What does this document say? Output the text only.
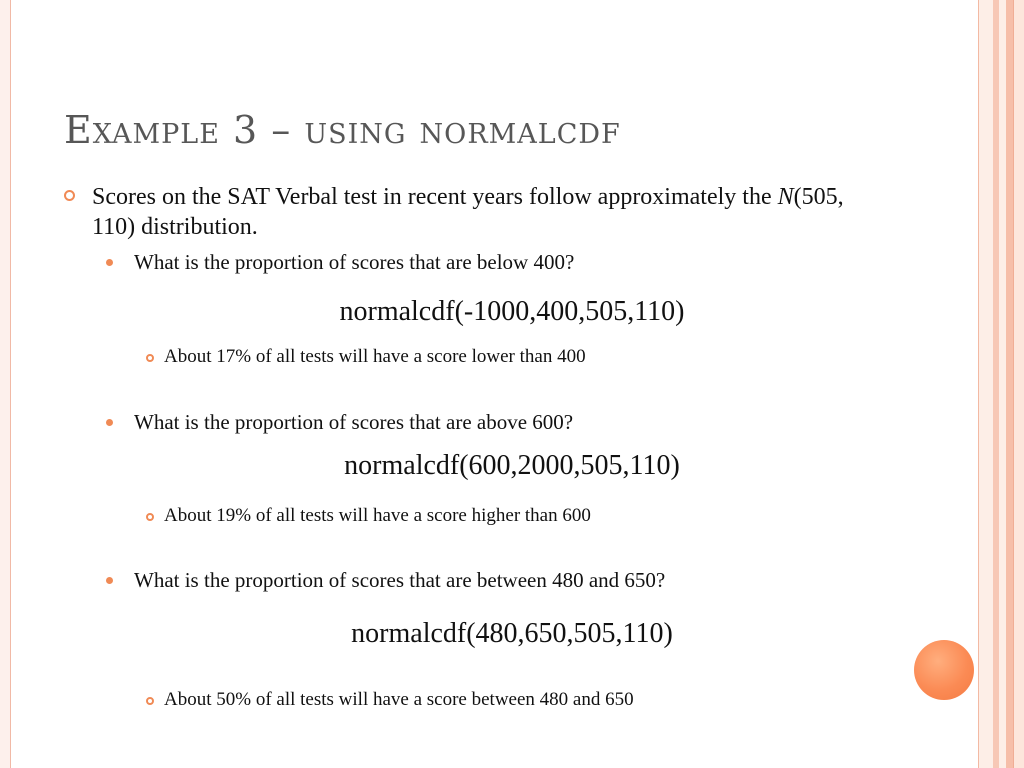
Example 3 – using normalcdf
Scores on the SAT Verbal test in recent years follow approximately the N(505, 110) distribution.
What is the proportion of scores that are below 400?
normalcdf(-1000,400,505,110)
About 17% of all tests will have a score lower than 400
What is the proportion of scores that are above 600?
normalcdf(600,2000,505,110)
About 19% of all tests will have a score higher than 600
What is the proportion of scores that are between 480 and 650?
normalcdf(480,650,505,110)
About 50% of all tests will have a score between 480 and 650
